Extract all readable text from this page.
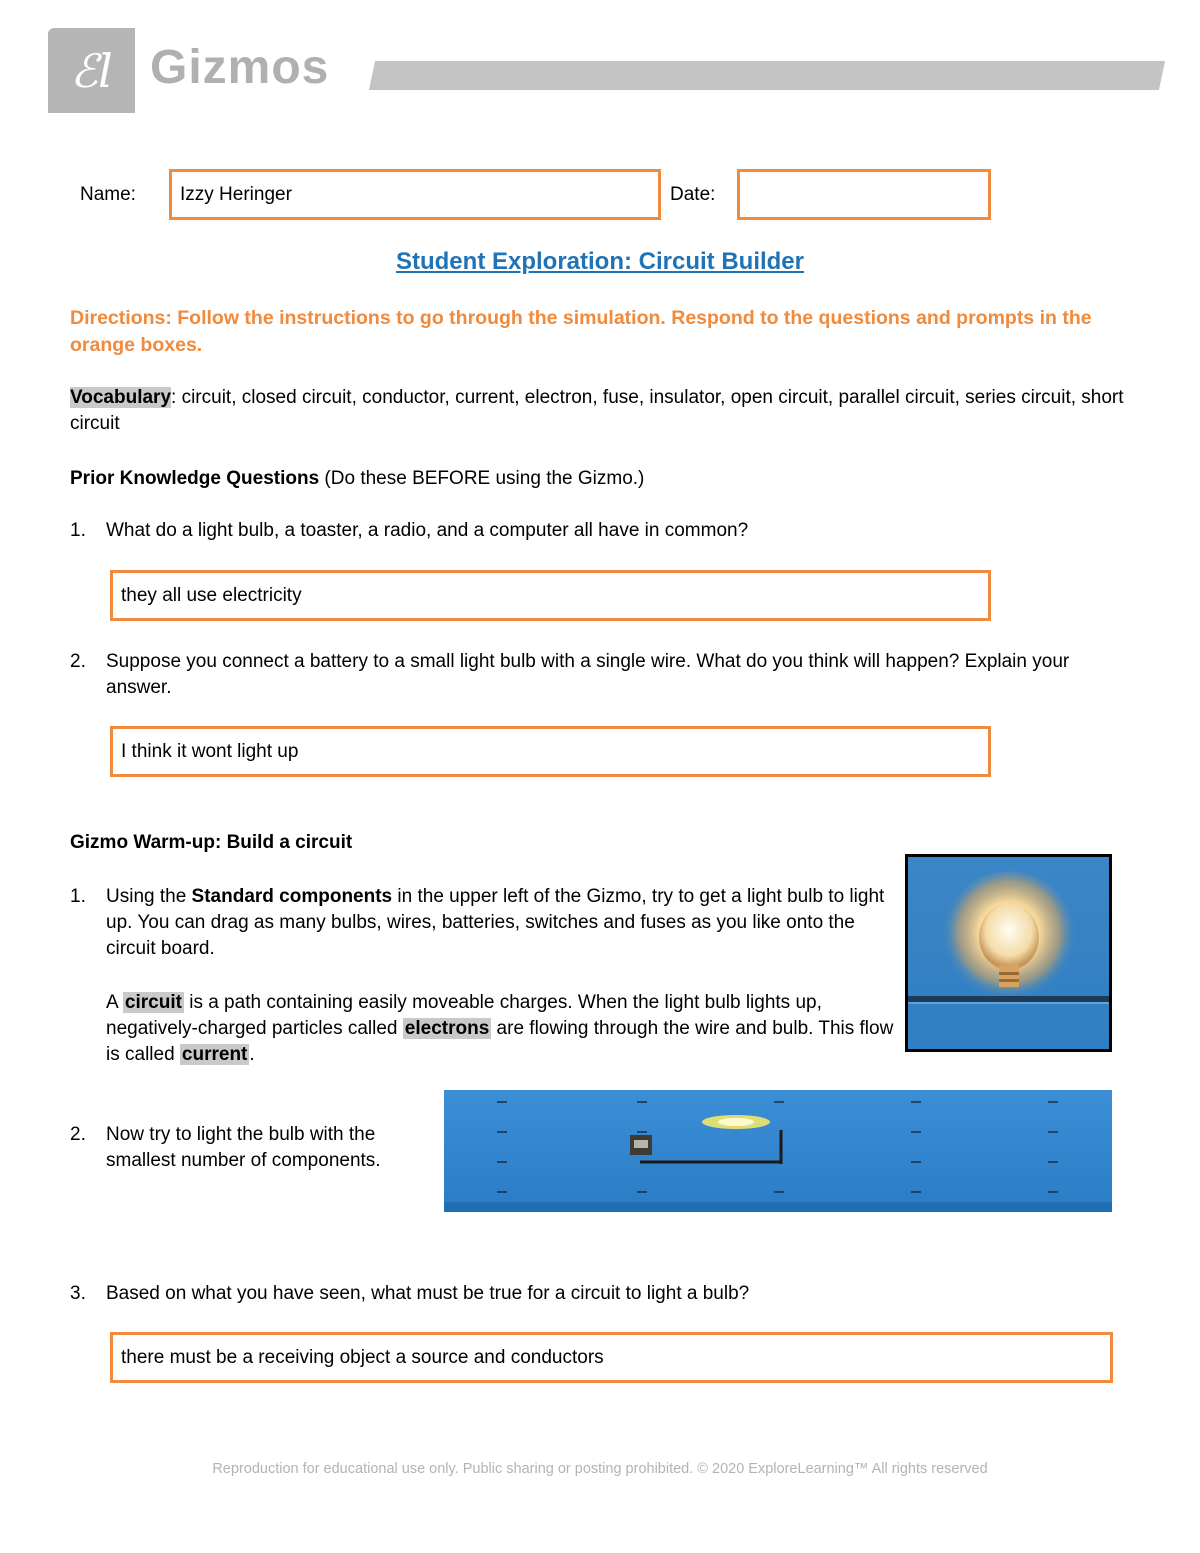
ℰl Gizmos
Name: Izzy Heringer	Date:
Student Exploration: Circuit Builder
Directions: Follow the instructions to go through the simulation. Respond to the questions and prompts in the orange boxes.
Vocabulary: circuit, closed circuit, conductor, current, electron, fuse, insulator, open circuit, parallel circuit, series circuit, short circuit
Prior Knowledge Questions (Do these BEFORE using the Gizmo.)
1. What do a light bulb, a toaster, a radio, and a computer all have in common?
they all use electricity
2. Suppose you connect a battery to a small light bulb with a single wire. What do you think will happen? Explain your answer.
I think it wont light up
Gizmo Warm-up: Build a circuit
1. Using the Standard components in the upper left of the Gizmo, try to get a light bulb to light up. You can drag as many bulbs, wires, batteries, switches and fuses as you like onto the circuit board.
A circuit is a path containing easily moveable charges. When the light bulb lights up, negatively-charged particles called electrons are flowing through the wire and bulb. This flow is called current .
2. Now try to light the bulb with the smallest number of components.
3. Based on what you have seen, what must be true for a circuit to light a bulb?
there must be a receiving object a source and conductors
Reproduction for educational use only. Public sharing or posting prohibited. © 2020 ExploreLearning™ All rights reserved
